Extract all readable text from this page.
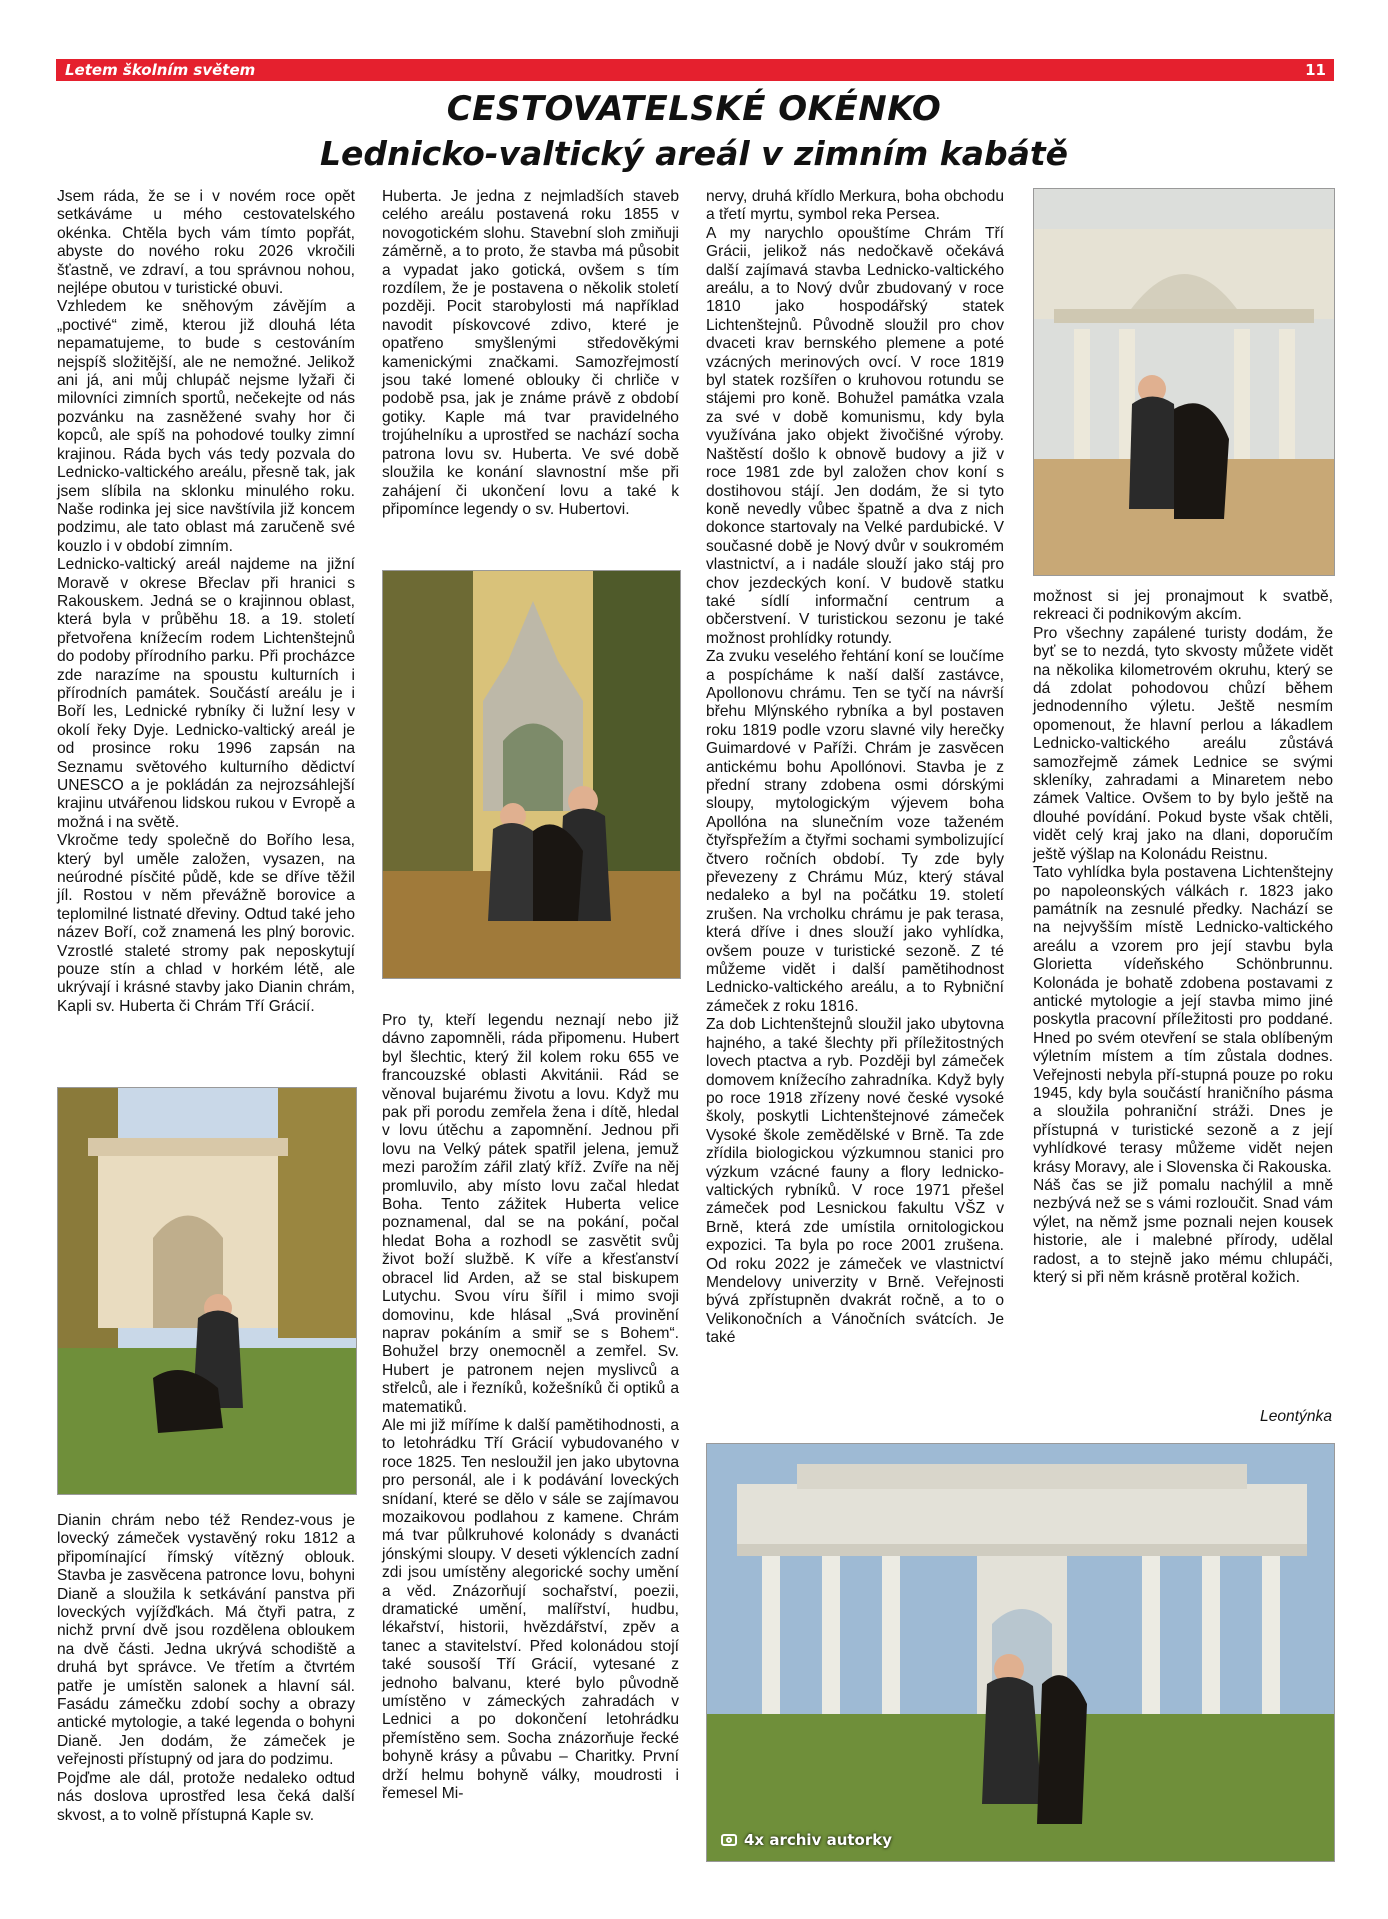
Letem školním světem	11
CESTOVATELSKÉ OKÉNKO
Lednicko-valtický areál v zimním kabátě

Jsem ráda, že se i v novém roce opět setkáváme u mého cestovatelského okénka. Chtěla bych vám tímto popřát, abyste do nového roku 2026 vkročili šťastně, ve zdraví, a tou správnou nohou, nejlépe obutou v turistické obuvi.

Vzhledem ke sněhovým závějím a „poctivé“ zimě, kterou již dlouhá léta nepamatujeme, to bude s cestováním nejspíš složitější, ale ne nemožné. Jelikož ani já, ani můj chlupáč nejsme lyžaři či milovníci zimních sportů, nečekejte od nás pozvánku na zasněžené svahy hor či kopců, ale spíš na pohodové toulky zimní krajinou. Ráda bych vás tedy pozvala do Lednicko-valtického areálu, přesně tak, jak jsem slíbila na sklonku minulého roku. Naše rodinka jej sice navštívila již koncem podzimu, ale tato oblast má zaručeně své kouzlo i v období zimním.

Lednicko-valtický areál najdeme na jižní Moravě v okrese Břeclav při hranici s Rakouskem. Jedná se o krajinnou oblast, která byla v průběhu 18. a 19. století přetvořena knížecím rodem Lichtenštejnů do podoby přírodního parku. Při procházce zde narazíme na spoustu kulturních i přírodních památek. Součástí areálu je i Boří les, Lednické rybníky či lužní lesy v okolí řeky Dyje. Lednicko-valtický areál je od prosince roku 1996 zapsán na Seznamu světového kulturního dědictví UNESCO a je pokládán za nejrozsáhlejší krajinu utvářenou lidskou rukou v Evropě a možná i na světě.

Vkročme tedy společně do Bořího lesa, který byl uměle založen, vysazen, na neúrodné písčité půdě, kde se dříve těžil jíl. Rostou v něm převážně borovice a teplomilné listnaté dřeviny. Odtud také jeho název Boří, což znamená les plný borovic. Vzrostlé staleté stromy pak neposkytují pouze stín a chlad v horkém létě, ale ukrývají i krásné stavby jako Dianin chrám, Kapli sv. Huberta či Chrám Tří Grácií.

Dianin chrám nebo též Rendez-vous je lovecký zámeček vystavěný roku 1812 a připomínající římský vítězný oblouk. Stavba je zasvěcena patronce lovu, bohyni Dianě a sloužila k setkávání panstva při loveckých vyjížďkách. Má čtyři patra, z nichž první dvě jsou rozdělena obloukem na dvě části. Jedna ukrývá schodiště a druhá byt správce. Ve třetím a čtvrtém patře je umístěn salonek a hlavní sál. Fasádu zámečku zdobí sochy a obrazy antické mytologie, a také legenda o bohyni Dianě. Jen dodám, že zámeček je veřejnosti přístupný od jara do podzimu.

Pojďme ale dál, protože nedaleko odtud nás doslova uprostřed lesa čeká další skvost, a to volně přístupná Kaple sv.

Huberta. Je jedna z nejmladších staveb celého areálu postavená roku 1855 v novogotickém slohu. Stavební sloh zmiňuji záměrně, a to proto, že stavba má působit a vypadat jako gotická, ovšem s tím rozdílem, že je postavena o několik století později. Pocit starobylosti má například navodit pískovcové zdivo, které je opatřeno smyšlenými středověkými kamenickými značkami. Samozřejmostí jsou také lomené oblouky či chrliče v podobě psa, jak je známe právě z období gotiky. Kaple má tvar pravidelného trojúhelníku a uprostřed se nachází socha patrona lovu sv. Huberta. Ve své době sloužila ke konání slavnostní mše při zahájení či ukončení lovu a také k připomínce legendy o sv. Hubertovi.

Pro ty, kteří legendu neznají nebo již dávno zapomněli, ráda připomenu. Hubert byl šlechtic, který žil kolem roku 655 ve francouzské oblasti Akvitánii. Rád se věnoval bujarému životu a lovu. Když mu pak při porodu zemřela žena i dítě, hledal v lovu útěchu a zapomnění. Jednou při lovu na Velký pátek spatřil jelena, jemuž mezi parožím zářil zlatý kříž. Zvíře na něj promluvilo, aby místo lovu začal hledat Boha. Tento zážitek Huberta velice poznamenal, dal se na pokání, počal hledat Boha a rozhodl se zasvětit svůj život boží službě. K víře a křesťanství obracel lid Arden, až se stal biskupem Lutychu. Svou víru šířil i mimo svoji domovinu, kde hlásal „Svá provinění naprav pokáním a smiř se s Bohem“. Bohužel brzy onemocněl a zemřel. Sv. Hubert je patronem nejen myslivců a střelců, ale i řezníků, kožešníků či optiků a matematiků.

Ale mi již míříme k další pamětihodnosti, a to letohrádku Tří Grácií vybudovaného v roce 1825. Ten nesloužil jen jako ubytovna pro personál, ale i k podávání loveckých snídaní, které se dělo v sále se zajímavou mozaikovou podlahou z kamene. Chrám má tvar půlkruhové kolonády s dvanácti jónskými sloupy. V deseti výklencích zadní zdi jsou umístěny alegorické sochy umění a věd. Znázorňují sochařství, poezii, dramatické umění, malířství, hudbu, lékařství, historii, hvězdářství, zpěv a tanec a stavitelství. Před kolonádou stojí také sousoší Tří Grácií, vytesané z jednoho balvanu, které bylo původně umístěno v zámeckých zahradách v Lednici a po dokončení letohrádku přemístěno sem. Socha znázorňuje řecké bohyně krásy a půvabu – Charitky. První drží helmu bohyně války, moudrosti i řemesel Mi-

nervy, druhá křídlo Merkura, boha obchodu a třetí myrtu, symbol reka Persea.

A my narychlo opouštíme Chrám Tří Grácii, jelikož nás nedočkavě očekává další zajímavá stavba Lednicko-valtického areálu, a to Nový dvůr zbudovaný v roce 1810 jako hospodářský statek Lichtenštejnů. Původně sloužil pro chov dvaceti krav bernského plemene a poté vzácných merinových ovcí. V roce 1819 byl statek rozšířen o kruhovou rotundu se stájemi pro koně. Bohužel památka vzala za své v době komunismu, kdy byla využívána jako objekt živočišné výroby. Naštěstí došlo k obnově budovy a již v roce 1981 zde byl založen chov koní s dostihovou stájí. Jen dodám, že si tyto koně nevedly vůbec špatně a dva z nich dokonce startovaly na Velké pardubické. V současné době je Nový dvůr v soukromém vlastnictví, a i nadále slouží jako stáj pro chov jezdeckých koní. V budově statku také sídlí informační centrum a občerstvení. V turistickou sezonu je také možnost prohlídky rotundy.

Za zvuku veselého řehtání koní se loučíme a pospícháme k naší další zastávce, Apollonovu chrámu. Ten se tyčí na návrší břehu Mlýnského rybníka a byl postaven roku 1819 podle vzoru slavné vily herečky Guimardové v Paříži. Chrám je zasvěcen antickému bohu Apollónovi. Stavba je z přední strany zdobena osmi dórskými sloupy, mytologickým výjevem boha Apollóna na slunečním voze taženém čtyřspřežím a čtyřmi sochami symbolizující čtvero ročních období. Ty zde byly převezeny z Chrámu Múz, který stával nedaleko a byl na počátku 19. století zrušen. Na vrcholku chrámu je pak terasa, která dříve i dnes slouží jako vyhlídka, ovšem pouze v turistické sezoně. Z té můžeme vidět i další pamětihodnost Lednicko-valtického areálu, a to Rybniční zámeček z roku 1816.

Za dob Lichtenštejnů sloužil jako ubytovna hajného, a také šlechty při příležitostných lovech ptactva a ryb. Později byl zámeček domovem knížecího zahradníka. Když byly po roce 1918 zřízeny nové české vysoké školy, poskytli Lichtenštejnové zámeček Vysoké škole zemědělské v Brně. Ta zde zřídila biologickou výzkumnou stanici pro výzkum vzácné fauny a flory lednicko-valtických rybníků. V roce 1971 přešel zámeček pod Lesnickou fakultu VŠZ v Brně, která zde umístila ornitologickou expozici. Ta byla po roce 2001 zrušena. Od roku 2022 je zámeček ve vlastnictví Mendelovy univerzity v Brně. Veřejnosti bývá zpřístupněn dvakrát ročně, a to o Velikonočních a Vánočních svátcích. Je také

možnost si jej pronajmout k svatbě, rekreaci či podnikovým akcím.

Pro všechny zapálené turisty dodám, že byť se to nezdá, tyto skvosty můžete vidět na několika kilometrovém okruhu, který se dá zdolat pohodovou chůzí během jednodenního výletu. Ještě nesmím opomenout, že hlavní perlou a lákadlem Lednicko-valtického areálu zůstává samozřejmě zámek Lednice se svými skleníky, zahradami a Minaretem nebo zámek Valtice. Ovšem to by bylo ještě na dlouhé povídání. Pokud byste však chtěli, vidět celý kraj jako na dlani, doporučím ještě výšlap na Kolonádu Reistnu.

Tato vyhlídka byla postavena Lichtenštejny po napoleonských válkách r. 1823 jako památník na zesnulé předky. Nachází se na nejvyšším místě Lednicko-valtického areálu a vzorem pro její stavbu byla Glorietta vídeňského Schönbrunnu. Kolonáda je bohatě zdobena postavami z antické mytologie a její stavba mimo jiné poskytla pracovní příležitosti pro poddané. Hned po svém otevření se stala oblíbeným výletním místem a tím zůstala dodnes. Veřejnosti nebyla pří-stupná pouze po roku 1945, kdy byla součástí hraničního pásma a sloužila pohraniční stráži. Dnes je přístupná v turistické sezoně a z její vyhlídkové terasy můžeme vidět nejen krásy Moravy, ale i Slovenska či Rakouska.

Náš čas se již pomalu nachýlil a mně nezbývá než se s vámi rozloučit. Snad vám výlet, na němž jsme poznali nejen kousek historie, ale i malebné přírody, udělal radost, a to stejně jako mému chlupáči, který si při něm krásně protěral kožich.

Leontýnka
4x archiv autorky
